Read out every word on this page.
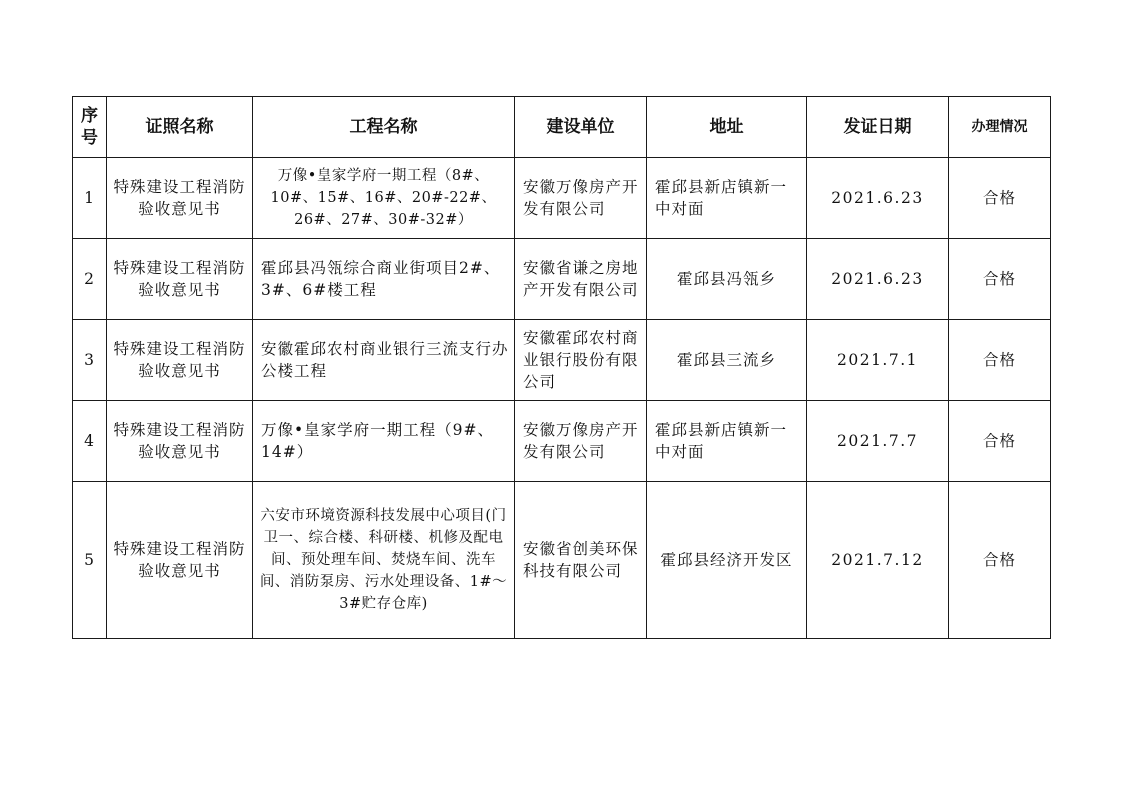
序号	证照名称	工程名称	建设单位	地址	发证日期	办理情况
1	特殊建设工程消防验收意见书	万像•皇家学府一期工程（8#、10#、15#、16#、20#-22#、26#、27#、30#-32#）	安徽万像房产开发有限公司	霍邱县新店镇新一中对面	2021.6.23	合格
2	特殊建设工程消防验收意见书	霍邱县冯瓴综合商业街项目2#、3#、6#楼工程	安徽省谦之房地产开发有限公司	霍邱县冯瓴乡	2021.6.23	合格
3	特殊建设工程消防验收意见书	安徽霍邱农村商业银行三流支行办公楼工程	安徽霍邱农村商业银行股份有限公司	霍邱县三流乡	2021.7.1	合格
4	特殊建设工程消防验收意见书	万像•皇家学府一期工程（9#、14#）	安徽万像房产开发有限公司	霍邱县新店镇新一中对面	2021.7.7	合格
5	特殊建设工程消防验收意见书	六安市环境资源科技发展中心项目(门卫一、综合楼、科研楼、机修及配电间、预处理车间、焚烧车间、洗车间、消防泵房、污水处理设备、1#～3#贮存仓库)	安徽省创美环保科技有限公司	霍邱县经济开发区	2021.7.12	合格
